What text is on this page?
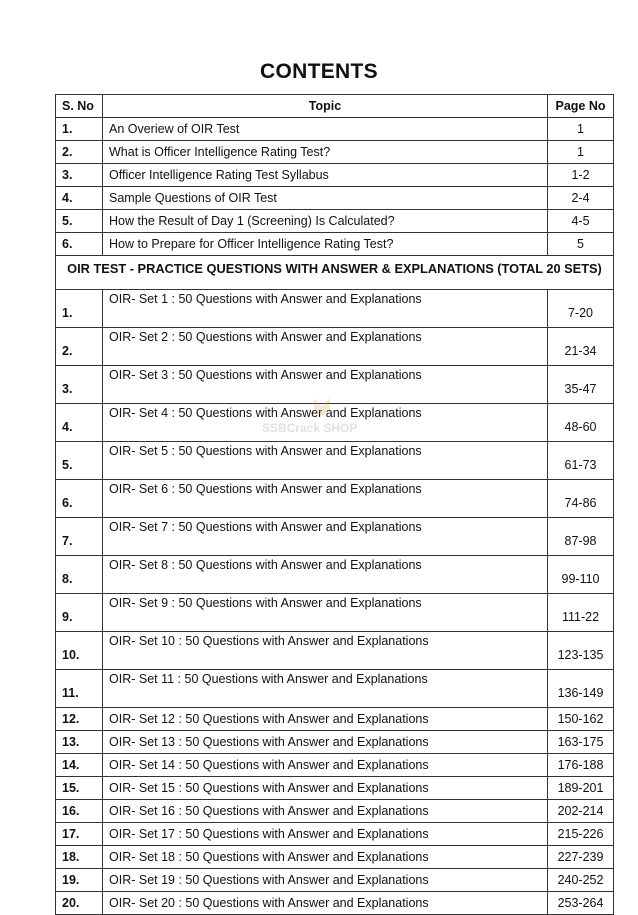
CONTENTS
S. No	Topic	Page No
1.	An Overiew of OIR Test	1
2.	What is Officer Intelligence Rating Test?	1
3.	Officer Intelligence Rating Test Syllabus	1-2
4.	Sample Questions of OIR Test	2-4
5.	How the Result of Day 1 (Screening) Is Calculated?	4-5
6.	How to Prepare for Officer Intelligence Rating Test?	5
OIR TEST - PRACTICE QUESTIONS WITH ANSWER & EXPLANATIONS (TOTAL 20 SETS)		
1.	OIR- Set 1 : 50 Questions with Answer and Explanations	7-20
2.	OIR- Set 2 : 50 Questions with Answer and Explanations	21-34
3.	OIR- Set 3 : 50 Questions with Answer and Explanations	35-47
4.	OIR- Set 4 : 50 Questions with Answer and Explanations	48-60
5.	OIR- Set 5 : 50 Questions with Answer and Explanations	61-73
6.	OIR- Set 6 : 50 Questions with Answer and Explanations	74-86
7.	OIR- Set 7 : 50 Questions with Answer and Explanations	87-98
8.	OIR- Set 8 : 50 Questions with Answer and Explanations	99-110
9.	OIR- Set 9 : 50 Questions with Answer and Explanations	111-22
10.	OIR- Set 10 : 50 Questions with Answer and Explanations	123-135
11.	OIR- Set 11 : 50 Questions with Answer and Explanations	136-149
12.	OIR- Set 12 : 50 Questions with Answer and Explanations	150-162
13.	OIR- Set 13 : 50 Questions with Answer and Explanations	163-175
14.	OIR- Set 14 : 50 Questions with Answer and Explanations	176-188
15.	OIR- Set 15 : 50 Questions with Answer and Explanations	189-201
16.	OIR- Set 16 : 50 Questions with Answer and Explanations	202-214
17.	OIR- Set 17 : 50 Questions with Answer and Explanations	215-226
18.	OIR- Set 18 : 50 Questions with Answer and Explanations	227-239
19.	OIR- Set 19 : 50 Questions with Answer and Explanations	240-252
20.	OIR- Set 20 : 50 Questions with Answer and Explanations	253-264
SSBCrack SHOP
